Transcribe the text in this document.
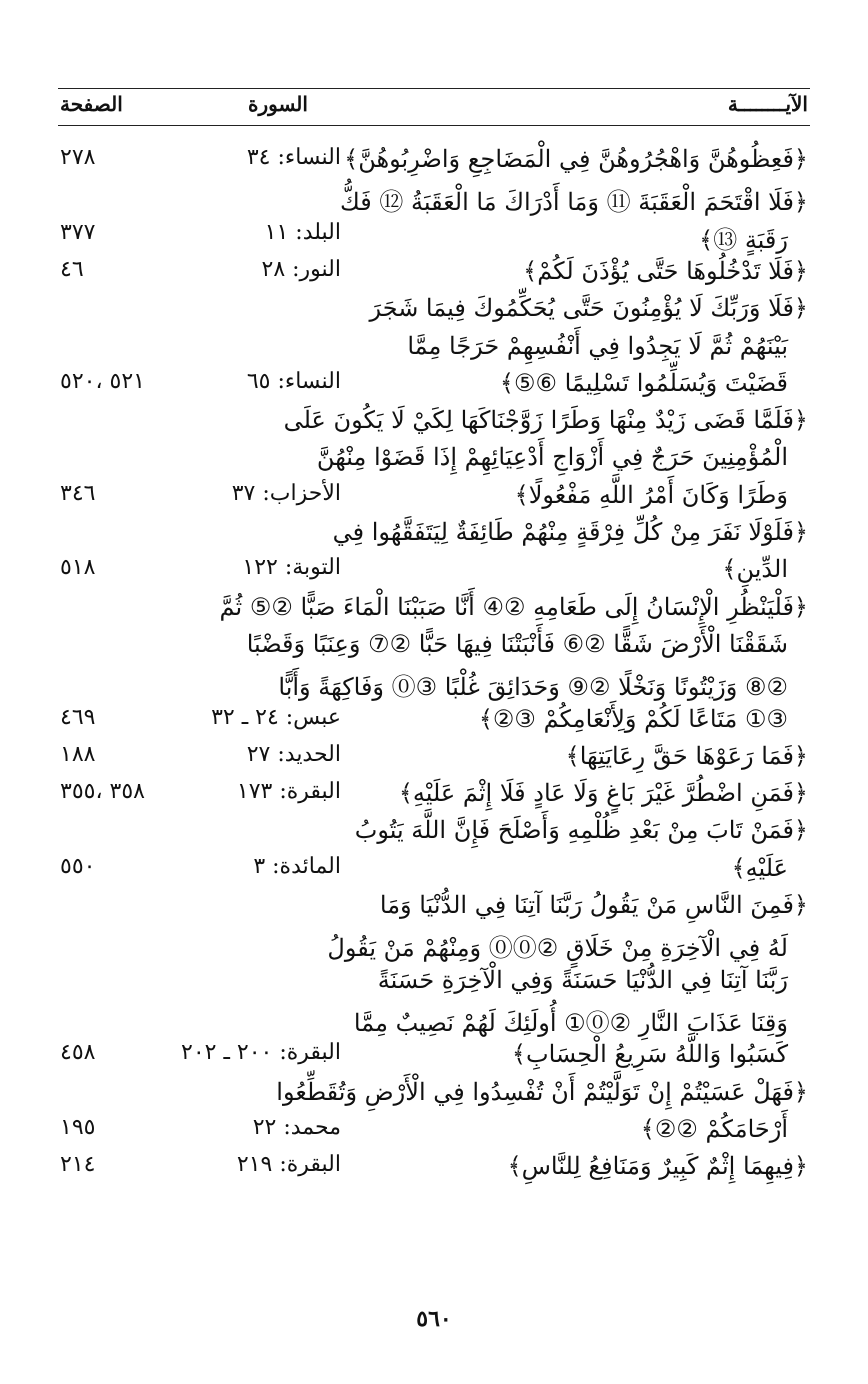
الآيــــــــة
السورة
الصفحة
﴿فَعِظُوهُنَّ وَاهْجُرُوهُنَّ فِي الْمَضَاجِعِ وَاضْرِبُوهُنَّ﴾
النساء: ٣٤
٢٧٨
﴿فَلَا اقْتَحَمَ الْعَقَبَةَ ⑪ وَمَا أَدْرَاكَ مَا الْعَقَبَةُ ⑫ فَكُّ
رَقَبَةٍ ⑬﴾
البلد: ١١
٣٧٧
﴿فَلَا تَدْخُلُوهَا حَتَّى يُؤْذَنَ لَكُمْ﴾
النور: ٢٨
٤٦
﴿فَلَا وَرَبِّكَ لَا يُؤْمِنُونَ حَتَّى يُحَكِّمُوكَ فِيمَا شَجَرَ
بَيْنَهُمْ ثُمَّ لَا يَجِدُوا فِي أَنْفُسِهِمْ حَرَجًا مِمَّا
قَضَيْتَ وَيُسَلِّمُوا تَسْلِيمًا ⑥⑤﴾
النساء: ٦٥
٥٢١ ،٥٢٠
﴿فَلَمَّا قَضَى زَيْدٌ مِنْهَا وَطَرًا زَوَّجْنَاكَهَا لِكَيْ لَا يَكُونَ عَلَى
الْمُؤْمِنِينَ حَرَجٌ فِي أَزْوَاجِ أَدْعِيَائِهِمْ إِذَا قَضَوْا مِنْهُنَّ
وَطَرًا وَكَانَ أَمْرُ اللَّهِ مَفْعُولًا﴾
الأحزاب: ٣٧
٣٤٦
﴿فَلَوْلَا نَفَرَ مِنْ كُلِّ فِرْقَةٍ مِنْهُمْ طَائِفَةٌ لِيَتَفَقَّهُوا فِي
الدِّينِ﴾
التوبة: ١٢٢
٥١٨
﴿فَلْيَنْظُرِ الْإِنْسَانُ إِلَى طَعَامِهِ ②④ أَنَّا صَبَبْنَا الْمَاءَ صَبًّا ②⑤ ثُمَّ
شَقَقْنَا الْأَرْضَ شَقًّا ②⑥ فَأَنْبَتْنَا فِيهَا حَبًّا ②⑦ وَعِنَبًا وَقَضْبًا
②⑧ وَزَيْتُونًا وَنَخْلًا ②⑨ وَحَدَائِقَ غُلْبًا ③⓪ وَفَاكِهَةً وَأَبًّا
③① مَتَاعًا لَكُمْ وَلِأَنْعَامِكُمْ ③②﴾
عبس: ٢٤ ـ ٣٢
٤٦٩
﴿فَمَا رَعَوْهَا حَقَّ رِعَايَتِهَا﴾
الحديد: ٢٧
١٨٨
﴿فَمَنِ اضْطُرَّ غَيْرَ بَاغٍ وَلَا عَادٍ فَلَا إِثْمَ عَلَيْهِ﴾
البقرة: ١٧٣
٣٥٨ ،٣٥٥
﴿فَمَنْ تَابَ مِنْ بَعْدِ ظُلْمِهِ وَأَصْلَحَ فَإِنَّ اللَّهَ يَتُوبُ
عَلَيْهِ﴾
المائدة: ٣
٥٥٠
﴿فَمِنَ النَّاسِ مَنْ يَقُولُ رَبَّنَا آتِنَا فِي الدُّنْيَا وَمَا
لَهُ فِي الْآخِرَةِ مِنْ خَلَاقٍ ②⓪⓪ وَمِنْهُمْ مَنْ يَقُولُ
رَبَّنَا آتِنَا فِي الدُّنْيَا حَسَنَةً وَفِي الْآخِرَةِ حَسَنَةً
وَقِنَا عَذَابَ النَّارِ ②⓪① أُولَئِكَ لَهُمْ نَصِيبٌ مِمَّا
كَسَبُوا وَاللَّهُ سَرِيعُ الْحِسَابِ﴾
البقرة: ٢٠٠ ـ ٢٠٢
٤٥٨
﴿فَهَلْ عَسَيْتُمْ إِنْ تَوَلَّيْتُمْ أَنْ تُفْسِدُوا فِي الْأَرْضِ وَتُقَطِّعُوا
أَرْحَامَكُمْ ②②﴾
محمد: ٢٢
١٩٥
﴿فِيهِمَا إِثْمٌ كَبِيرٌ وَمَنَافِعُ لِلنَّاسِ﴾
البقرة: ٢١٩
٢١٤
٥٦٠
